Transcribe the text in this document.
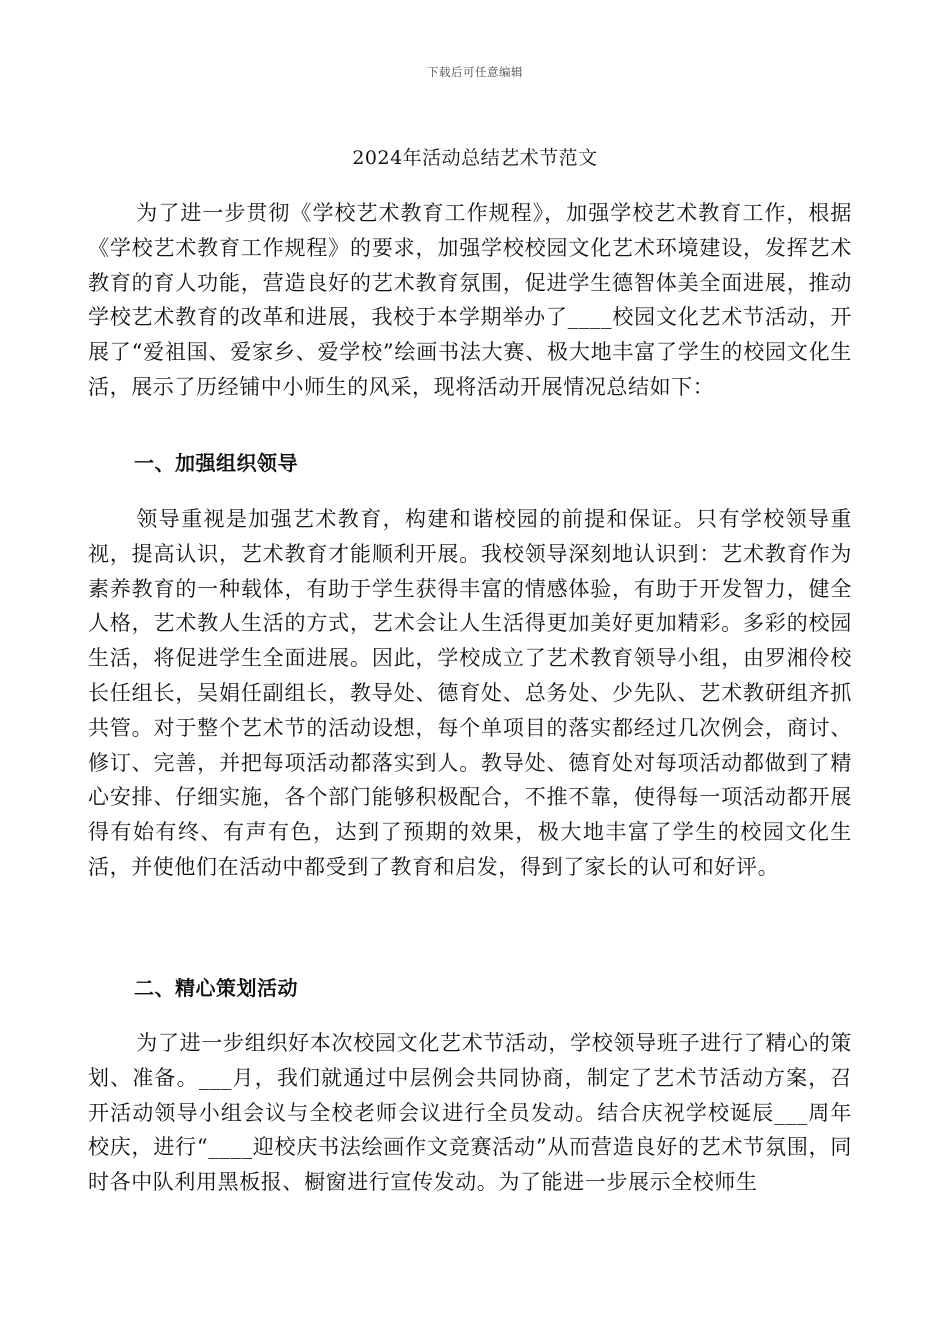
下载后可任意编辑
2024年活动总结艺术节范文

为了进一步贯彻《学校艺术教育工作规程》，加强学校艺术教育工作，根据《学校艺术教育工作规程》的要求，加强学校校园文化艺术环境建设，发挥艺术教育的育人功能，营造良好的艺术教育氛围，促进学生德智体美全面进展，推动学校艺术教育的改革和进展，我校于本学期举办了____校园文化艺术节活动，开展了“爱祖国、爱家乡、爱学校”绘画书法大赛、极大地丰富了学生的校园文化生活，展示了历经铺中小师生的风采，现将活动开展情况总结如下：

一、加强组织领导

领导重视是加强艺术教育，构建和谐校园的前提和保证。只有学校领导重视，提高认识，艺术教育才能顺利开展。我校领导深刻地认识到：艺术教育作为素养教育的一种载体，有助于学生获得丰富的情感体验，有助于开发智力，健全人格，艺术教人生活的方式，艺术会让人生活得更加美好更加精彩。多彩的校园生活，将促进学生全面进展。因此，学校成立了艺术教育领导小组，由罗湘伶校长任组长，吴娟任副组长，教导处、德育处、总务处、少先队、艺术教研组齐抓共管。对于整个艺术节的活动设想，每个单项目的落实都经过几次例会，商讨、修订、完善，并把每项活动都落实到人。教导处、德育处对每项活动都做到了精心安排、仔细实施，各个部门能够积极配合，不推不靠，使得每一项活动都开展得有始有终、有声有色，达到了预期的效果，极大地丰富了学生的校园文化生活，并使他们在活动中都受到了教育和启发，得到了家长的认可和好评。

二、精心策划活动

为了进一步组织好本次校园文化艺术节活动，学校领导班子进行了精心的策划、准备。___月，我们就通过中层例会共同协商，制定了艺术节活动方案，召开活动领导小组会议与全校老师会议进行全员发动。结合庆祝学校诞辰___周年校庆，进行“____迎校庆书法绘画作文竞赛活动”从而营造良好的艺术节氛围，同时各中队利用黑板报、橱窗进行宣传发动。为了能进一步展示全校师生
